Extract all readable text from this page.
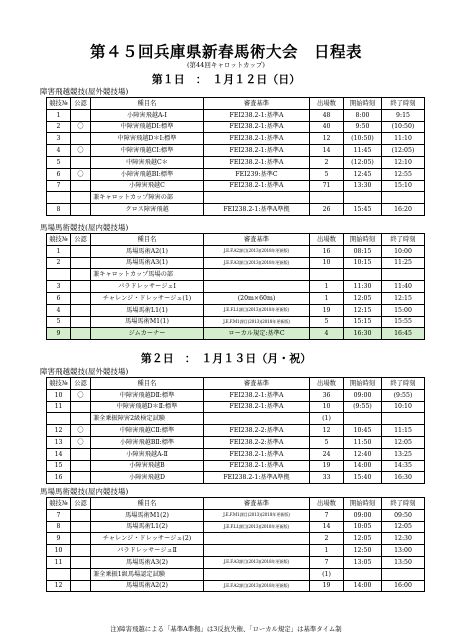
第４５回兵庫県新春馬術大会　日程表
(第44回キャロットカップ)
第１日　：　１月１２日（日）
障害飛越競技(屋外競技場)
競技№	公認	種目名	審査基準	出場数	開始時刻	終了時刻
1		小障害飛越A-Ⅰ	FEI238.2-1:基準A	48	8:00	9:15
2	〇	中障害飛越DⅠ:標準	FEI238.2-1:基準A	40	9:50	(10:50)
3		中障害飛越D＊Ⅰ:標準	FEI238.2-1:基準A	12	(10:50)	11:10
4	〇	中障害飛越CⅠ:標準	FEI238.2-1:基準A	14	11:45	(12:05)
5		中障害飛越C＊	FEI238.2-1:基準A	2	(12:05)	12:10
6	〇	小障害飛越BⅠ:標準	FEI239:基準C	5	12:45	12:55
7		小障害飛越C	FEI238.2-1:基準A	71	13:30	15:10
		兼キャロットカップ障害の部				
8		クロス障害飛越	FEI238.2-1:基準A準拠	26	15:45	16:20
馬場馬術競技(屋内競技場)
競技№	公認	種目名	審査基準	出場数	開始時刻	終了時刻
1		馬場馬術A2(1)	J.E.F.A2課目(2013)(2018年更新版)	16	08:15	10:00
2		馬場馬術A3(1)	J.E.F.A3課目(2013)(2018年更新版)	10	10:15	11:25
		兼キャロットカップ馬場の部				
3		パラドレッサージュⅠ		1	11:30	11:40
6		チャレンジ・ドレッサージュ(1)	(20m×60m)	1	12:05	12:15
4		馬場馬術L1(1)	J.E.F.L1課目(2013)(2018年更新版)	19	12:15	15:00
5		馬場馬術M1(1)	J.E.F.M1課目(2013)(2018年更新版)	5	15:15	15:55
9		ジムカーナー	ローカル規定:基準C	4	16:30	16:45
第２日　：　１月１３日（月・祝）
障害飛越競技(屋外競技場)
競技№	公認	種目名	審査基準	出場数	開始時刻	終了時刻
10	〇	中障害飛越DⅡ:標準	FEI238.2-1:基準A	36	09:00	(9:55)
11		中障害飛越D＊Ⅱ:標準	FEI238.2-1:基準A	10	(9:55)	10:10
		兼全乗振障害2級検定試験		(1)		
12	〇	中障害飛越CⅡ:標準	FEI238.2-2:基準A	12	10:45	11:15
13	〇	小障害飛越BⅡ:標準	FEI238.2-2:基準A	5	11:50	12:05
14		小障害飛越A-Ⅱ	FEI238.2-1:基準A	24	12:40	13:25
15		小障害飛越B	FEI238.2-1:基準A	19	14:00	14:35
16		小障害飛越D	FEI238.2-1:基準A準拠	33	15:40	16:30
馬場馬術競技(屋内競技場)
競技№	公認	種目名	審査基準	出場数	開始時刻	終了時刻
7		馬場馬術M1(2)	J.E.F.M1課目(2013)(2018年更新版)	7	09:00	09:50
8		馬場馬術L1(2)	J.E.F.L1課目(2013)(2018年更新版)	14	10:05	12:05
9		チャレンジ・ドレッサージュ(2)		2	12:05	12:30
10		パラドレッサージュⅡ		1	12:50	13:00
11		馬場馬術A3(2)	J.E.F.A3課目(2013)(2018年更新版)	7	13:05	13:50
		兼全乗振1級馬場認定試験		(1)		
12		馬場馬術A2(2)	J.E.F.A2課目(2013)(2018年更新版)	19	14:00	16:00
注)障害飛越による「基準A準拠」は3反抗失権、「ローカル規定」は基準タイム制
